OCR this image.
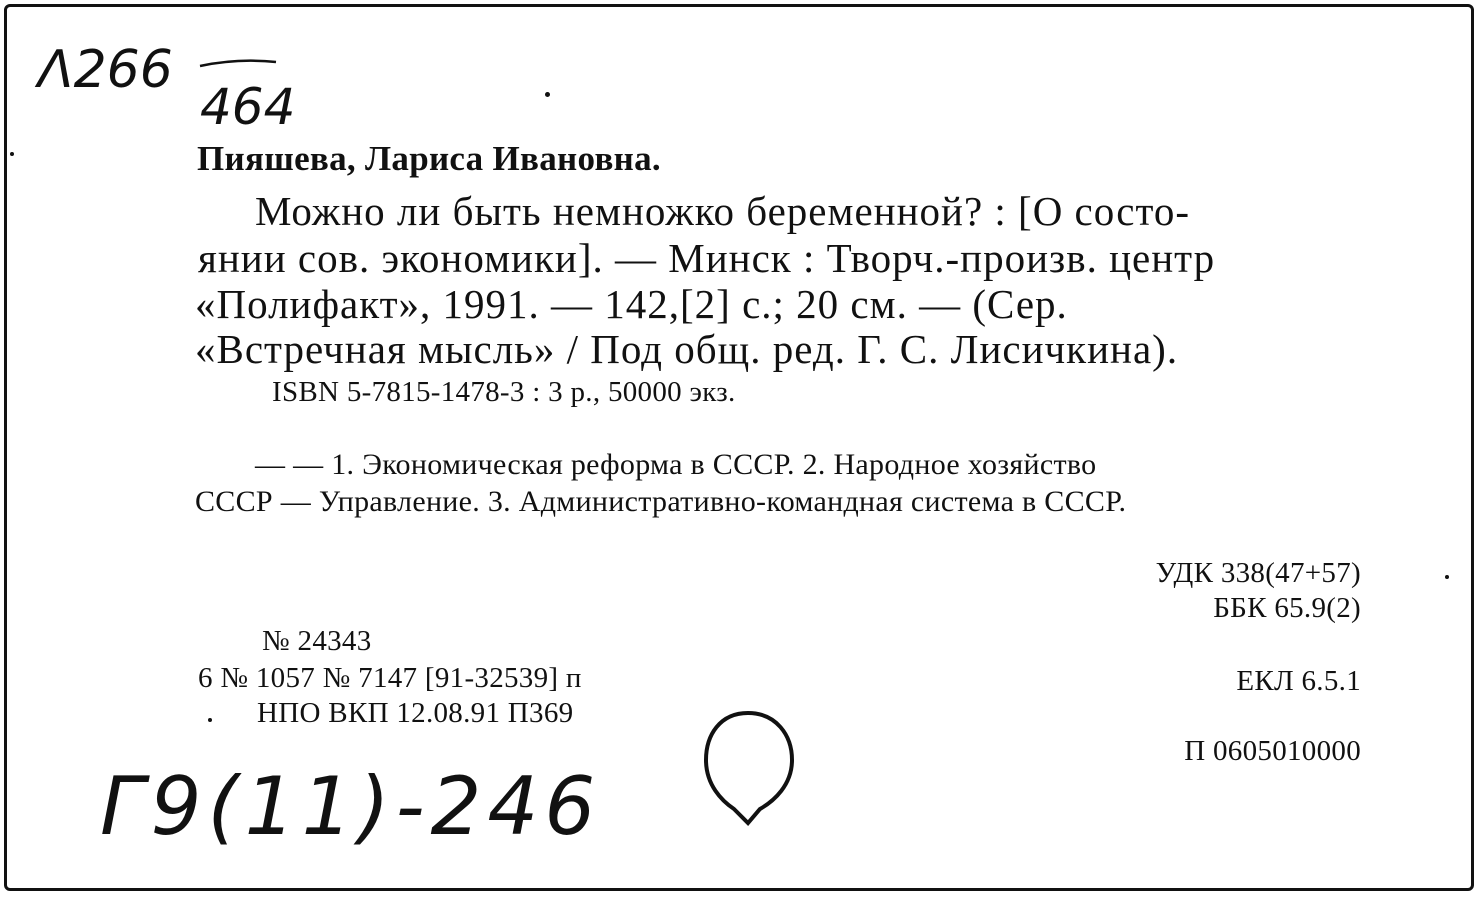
Λ266
464
Г9(11)-246
Пияшева, Лариса Ивановна.
Можно ли быть немножко беременной? : [О состо-
янии сов. экономики]. — Минск : Творч.-произв. центр
«Полифакт», 1991. — 142,[2] с.; 20 см. — (Сер.
«Встречная мысль» / Под общ. ред. Г. С. Лисичкина).
ISBN 5-7815-1478-3 : 3 р., 50000 экз.
— — 1. Экономическая реформа в СССР. 2. Народное хозяйство
СССР — Управление. 3. Административно-командная система в СССР.
УДК 338(47+57)
ББК 65.9(2)
№ 24343
6 № 1057 № 7147 [91-32539] п
НПО ВКП 12.08.91 П369
ЕКЛ 6.5.1
П 0605010000
